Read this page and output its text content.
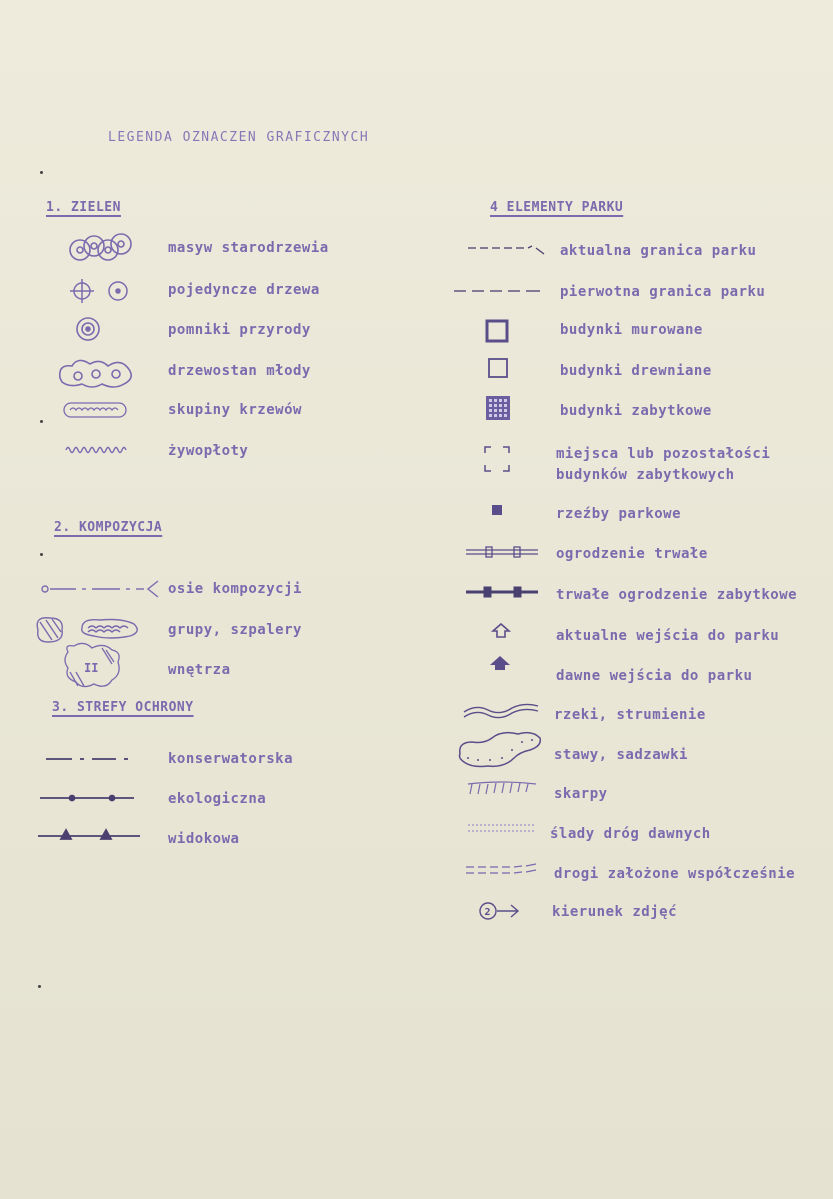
LEGENDA OZNACZEN GRAFICZNYCH
1. ZIELEN
masyw starodrzewia
pojedyncze drzewa
pomniki przyrody
drzewostan młody
skupiny krzewów
żywopłoty
2. KOMPOZYCJA
osie kompozycji
grupy, szpalery
II	wnętrza
3. STREFY OCHRONY
konserwatorska
ekologiczna
widokowa
4 ELEMENTY PARKU
aktualna granica parku
pierwotna granica parku
budynki murowane
budynki drewniane
budynki zabytkowe
miejsca lub pozostałości
budynków zabytkowych
rzeźby parkowe
ogrodzenie trwałe
trwałe ogrodzenie zabytkowe
aktualne wejścia do parku
dawne wejścia do parku
rzeki, strumienie
stawy, sadzawki
skarpy
ślady dróg dawnych
drogi założone współcześnie
2	kierunek zdjęć
